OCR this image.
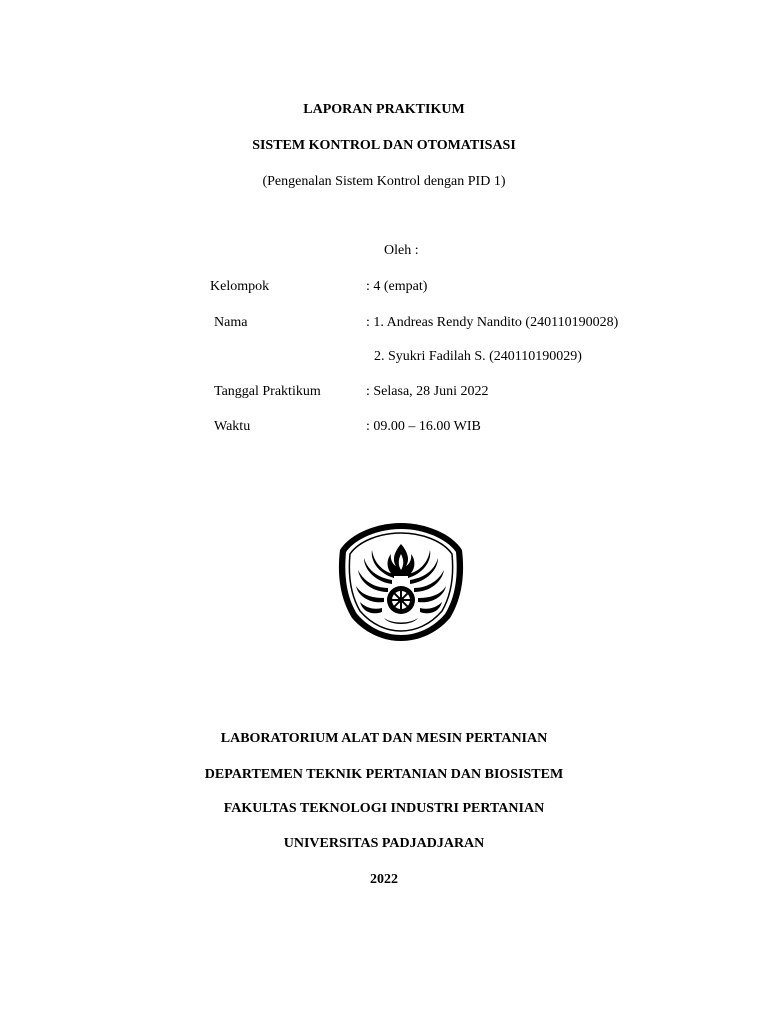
LAPORAN PRAKTIKUM
SISTEM KONTROL DAN OTOMATISASI
(Pengenalan Sistem Kontrol dengan PID 1)
Oleh :
Kelompok	: 4 (empat)
Nama	: 1. Andreas Rendy Nandito (240110190028)
2. Syukri Fadilah S. (240110190029)
Tanggal Praktikum	: Selasa, 28 Juni 2022
Waktu	: 09.00 – 16.00 WIB
LABORATORIUM ALAT DAN MESIN PERTANIAN
DEPARTEMEN TEKNIK PERTANIAN DAN BIOSISTEM
FAKULTAS TEKNOLOGI INDUSTRI PERTANIAN
UNIVERSITAS PADJADJARAN
2022
